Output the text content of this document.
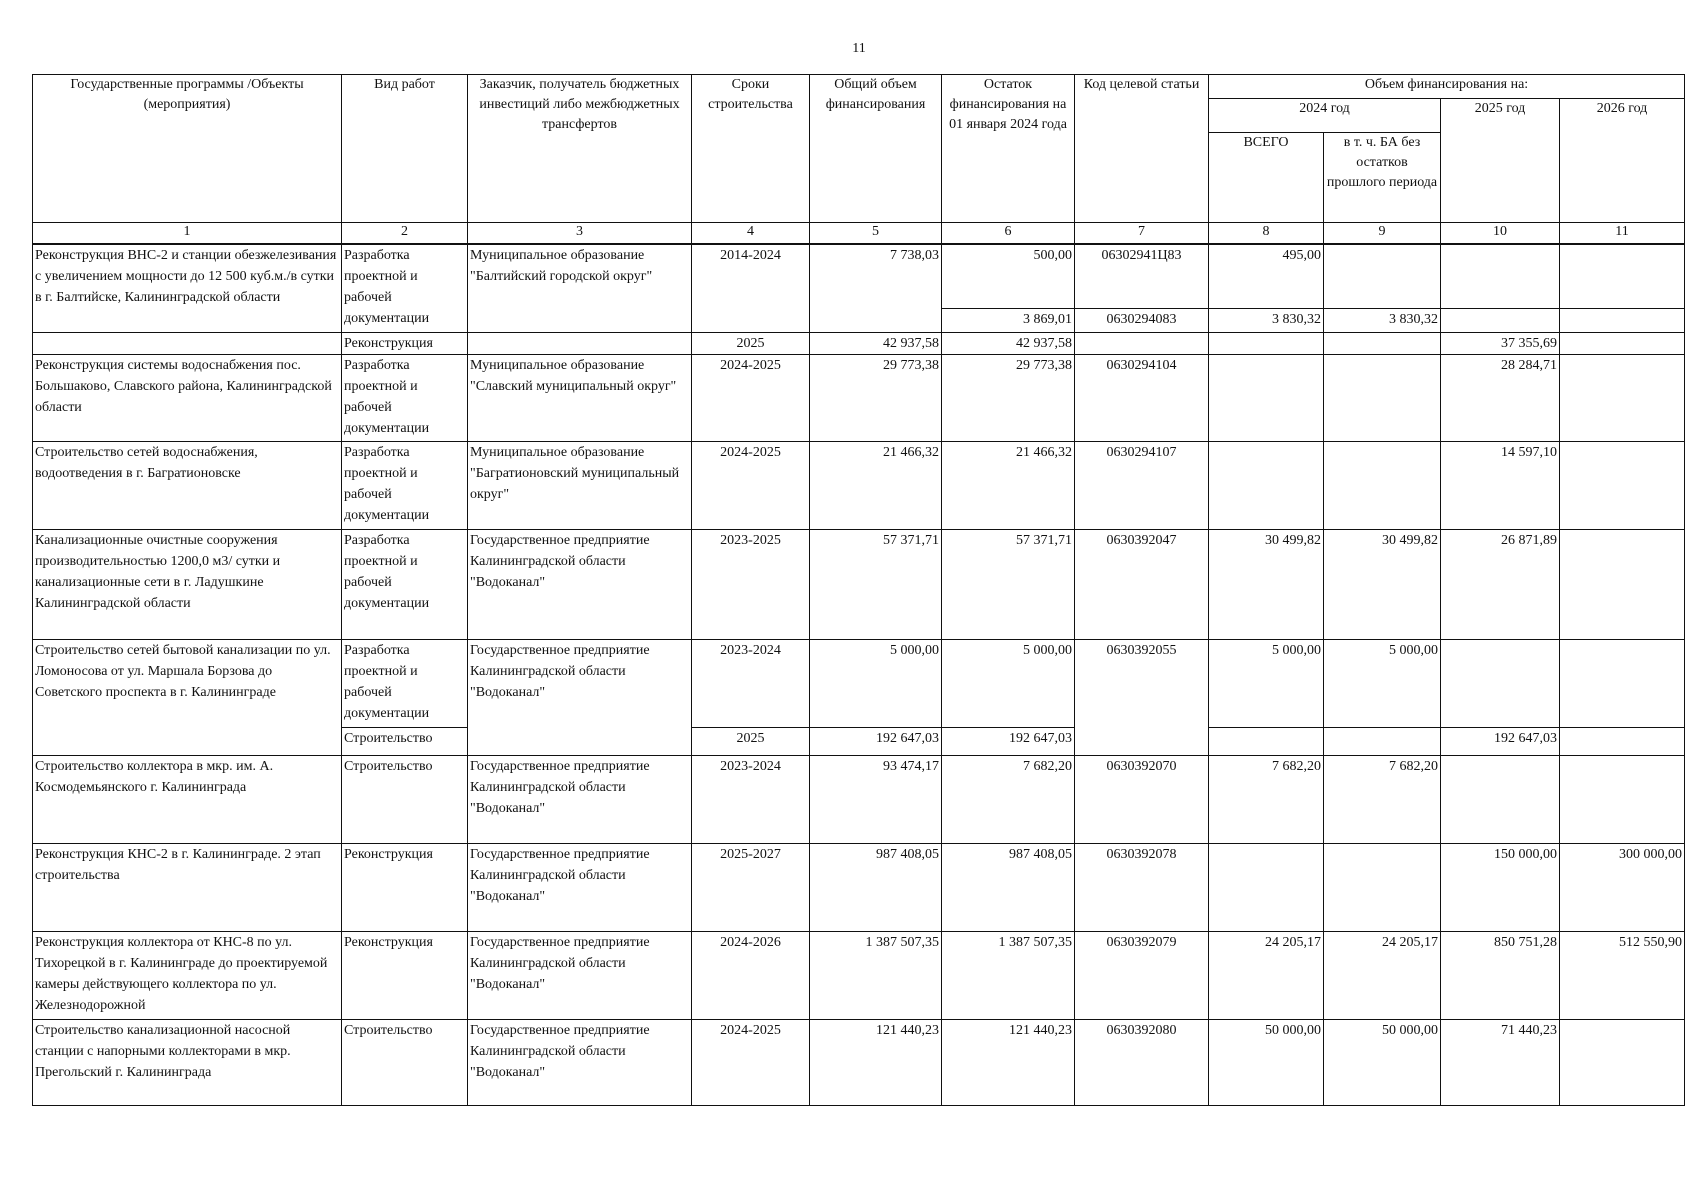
11
Государственные программы /Объекты (мероприятия)	Вид работ	Заказчик, получатель бюджетных инвестиций либо межбюджетных трансфертов	Сроки строительства	Общий объем финансирования	Остаток финансирования на 01 января 2024 года	Код целевой статьи	Объем финансирования на:			
							2024 год		2025 год	2026 год
							ВСЕГО	в т. ч. БА без остатков прошлого периода		
1	2	3	4	5	6	7	8	9	10	11
Реконструкция ВНС-2 и станции обезжелезивания с увеличением мощности до 12 500 куб.м./в сутки в г. Балтийске, Калининградской области	Разработка проектной и рабочей документации	Муниципальное образование "Балтийский городской округ"	2014-2024	7 738,03	500,00	06302941Ц83	495,00			
					3 869,01	0630294083	3 830,32	3 830,32		
	Реконструкция		2025	42 937,58	42 937,58				37 355,69	
Реконструкция системы водоснабжения пос. Большаково, Славского района, Калининградской области	Разработка проектной и рабочей документации	Муниципальное образование "Славский муниципальный округ"	2024-2025	29 773,38	29 773,38	0630294104			28 284,71	
Строительство сетей водоснабжения, водоотведения в г. Багратионовске	Разработка проектной и рабочей документации	Муниципальное образование "Багратионовский муниципальный округ"	2024-2025	21 466,32	21 466,32	0630294107			14 597,10	
Канализационные очистные сооружения производительностью 1200,0 м3/ сутки и канализационные сети в г. Ладушкине Калининградской области	Разработка проектной и рабочей документации	Государственное предприятие Калининградской области "Водоканал"	2023-2025	57 371,71	57 371,71	0630392047	30 499,82	30 499,82	26 871,89	
Строительство сетей бытовой канализации по ул. Ломоносова от ул. Маршала Борзова до Советского проспекта в г. Калининграде	Разработка проектной и рабочей документации	Государственное предприятие Калининградской области "Водоканал"	2023-2024	5 000,00	5 000,00	0630392055	5 000,00	5 000,00		
	Строительство		2025	192 647,03	192 647,03				192 647,03	
Строительство коллектора в мкр. им. А. Космодемьянского г. Калининграда	Строительство	Государственное предприятие Калининградской области "Водоканал"	2023-2024	93 474,17	7 682,20	0630392070	7 682,20	7 682,20		
Реконструкция КНС-2 в г. Калининграде. 2 этап строительства	Реконструкция	Государственное предприятие Калининградской области "Водоканал"	2025-2027	987 408,05	987 408,05	0630392078			150 000,00	300 000,00
Реконструкция коллектора от КНС-8 по ул. Тихорецкой в г. Калининграде до проектируемой камеры действующего коллектора по ул. Железнодорожной	Реконструкция	Государственное предприятие Калининградской области "Водоканал"	2024-2026	1 387 507,35	1 387 507,35	0630392079	24 205,17	24 205,17	850 751,28	512 550,90
Строительство канализационной насосной станции с напорными коллекторами в мкр. Прегольский г. Калининграда	Строительство	Государственное предприятие Калининградской области "Водоканал"	2024-2025	121 440,23	121 440,23	0630392080	50 000,00	50 000,00	71 440,23	
